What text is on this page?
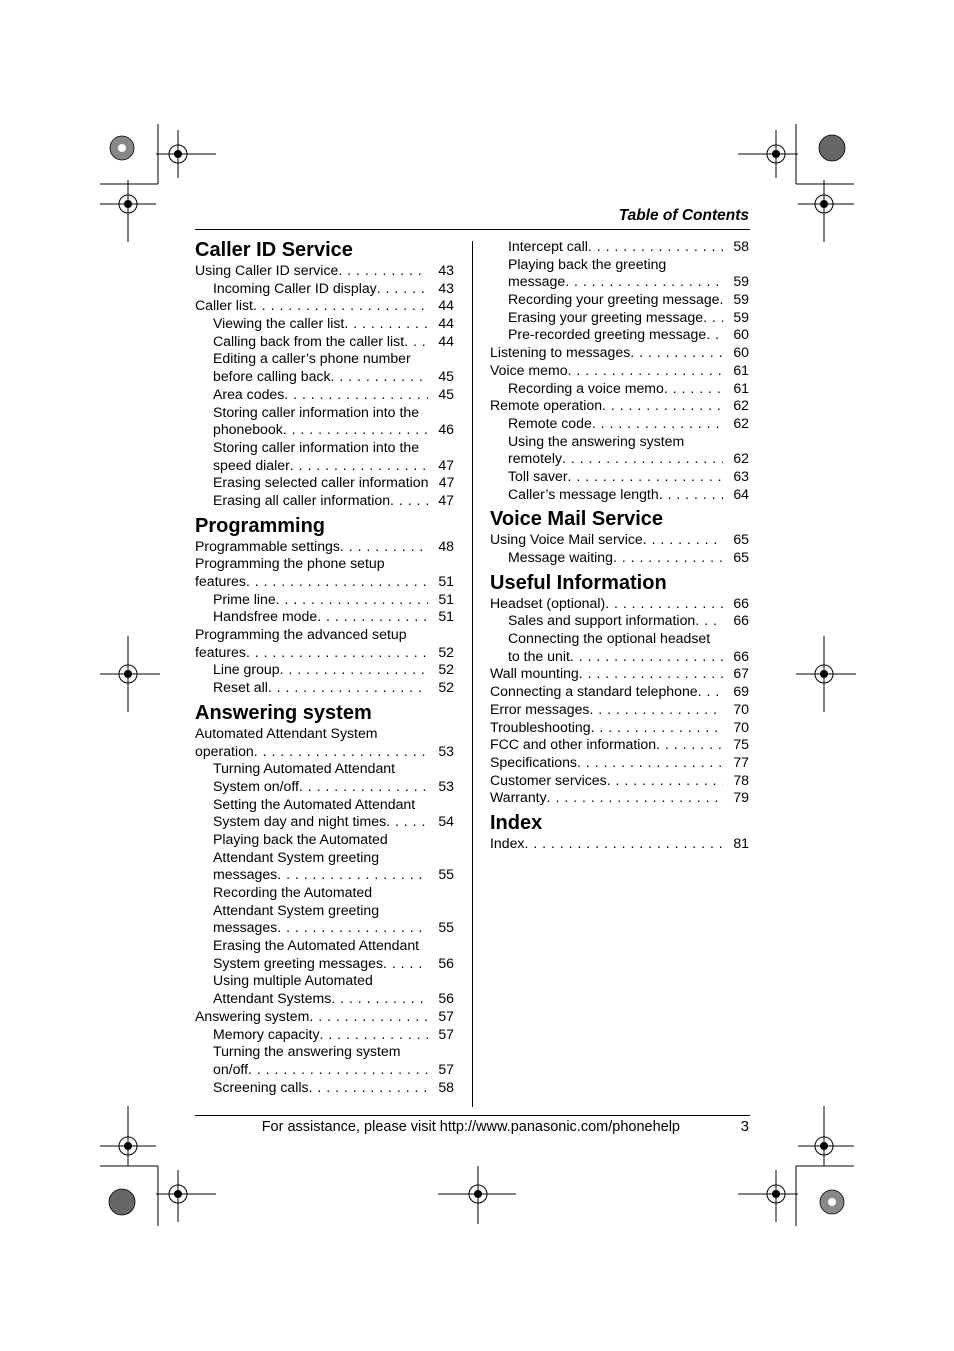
Table of Contents
Caller ID Service
Using Caller ID service . . .	43
Incoming Caller ID display . . .	43
Caller list . . .	44
Viewing the caller list . . .	44
Calling back from the caller list . . .	44
Editing a caller’s phone number
before calling back . . .	45
Area codes . . .	45
Storing caller information into the
phonebook . . .	46
Storing caller information into the
speed dialer . . .	47
Erasing selected caller information 47
Erasing all caller information . . .	47
Programming
Programmable settings . . .	48
Programming the phone setup
features . . .	51
Prime line . . .	51
Handsfree mode . . .	51
Programming the advanced setup
features . . .	52
Line group . . .	52
Reset all . . .	52
Answering system
Automated Attendant System
operation . . .	53
Turning Automated Attendant
System on/off . . .	53
Setting the Automated Attendant
System day and night times . . .	54
Playing back the Automated
Attendant System greeting
messages . . .	55
Recording the Automated
Attendant System greeting
messages . . .	55
Erasing the Automated Attendant
System greeting messages . . .	56
Using multiple Automated
Attendant Systems . . .	56
Answering system . . .	57
Memory capacity . . .	57
Turning the answering system
on/off . . .	57
Screening calls . . .	58
Intercept call . . .	58
Playing back the greeting
message . . .	59
Recording your greeting message . . . 59
Erasing your greeting message . . .	59
Pre-recorded greeting message . . .	60
Listening to messages . . .	60
Voice memo . . .	61
Recording a voice memo . . .	61
Remote operation . . .	62
Remote code . . .	62
Using the answering system
remotely . . .	62
Toll saver . . .	63
Caller’s message length . . .	64
Voice Mail Service
Using Voice Mail service . . .	65
Message waiting . . .	65
Useful Information
Headset (optional) . . .	66
Sales and support information . . .	66
Connecting the optional headset
to the unit . . .	66
Wall mounting . . .	67
Connecting a standard telephone . . .	69
Error messages . . .	70
Troubleshooting . . .	70
FCC and other information . . .	75
Specifications . . .	77
Customer services . . .	78
Warranty . . .	79
Index
Index . . .	81
For assistance, please visit http://www.panasonic.com/phonehelp	3
